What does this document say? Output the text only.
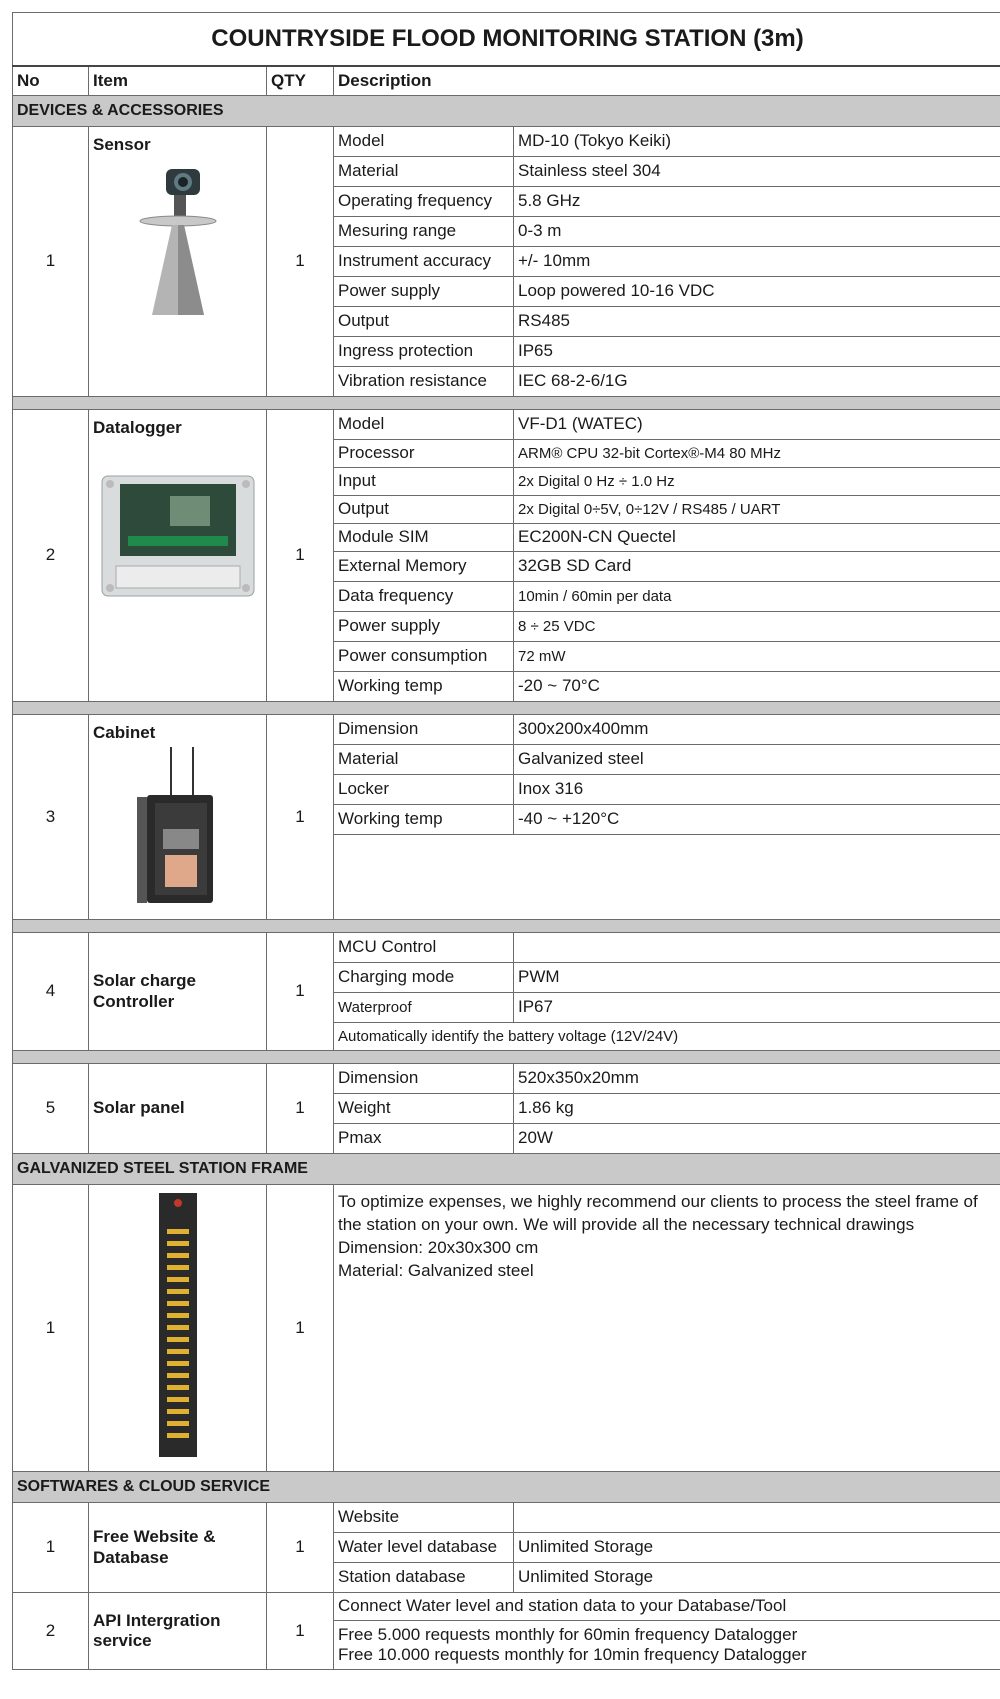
COUNTRYSIDE FLOOD MONITORING STATION (3m)				
No	Item	QTY	Description	
DEVICES & ACCESSORIES				
1	Sensor	1	Model	MD-10 (Tokyo Keiki)
			Material	Stainless steel 304
			Operating frequency	5.8 GHz
			Mesuring range	0-3 m
			Instrument accuracy	+/- 10mm
			Power supply	Loop powered 10-16 VDC
			Output	RS485
			Ingress protection	IP65
			Vibration resistance	IEC 68-2-6/1G

2	Datalogger	1	Model	VF-D1 (WATEC)
			Processor	ARM® CPU 32-bit Cortex®-M4 80 MHz
			Input	2x Digital 0 Hz ÷ 1.0 Hz
			Output	2x Digital 0÷5V, 0÷12V / RS485 / UART
			Module SIM	EC200N-CN Quectel
			External Memory	32GB SD Card
			Data frequency	10min / 60min per data
			Power supply	8 ÷ 25 VDC
			Power consumption	72 mW
			Working temp	-20 ~ 70°C

3	Cabinet	1	Dimension	300x200x400mm
			Material	Galvanized steel
			Locker	Inox 316
			Working temp	-40 ~ +120°C

4	Solar charge Controller	1	MCU Control	
			Charging mode	PWM
			Waterproof	IP67
			Automatically identify the battery voltage (12V/24V)	

5	Solar panel	1	Dimension	520x350x20mm
			Weight	1.86 kg
			Pmax	20W
GALVANIZED STEEL STATION FRAME				
1		1	To optimize expenses, we highly recommend our clients to process the steel frame of the station on your own. We will provide all the necessary technical drawings
Dimension: 20x30x300 cm
Material: Galvanized steel	

SOFTWARES & CLOUD SERVICE				
1	Free Website & Database	1	Website	
			Water level database	Unlimited Storage
			Station database	Unlimited Storage
2	API Intergration service	1	Connect Water level and station data to your Database/Tool	

			Free 5.000 requests monthly for 60min frequency Datalogger
Free 10.000 requests monthly for 10min frequency Datalogger	
